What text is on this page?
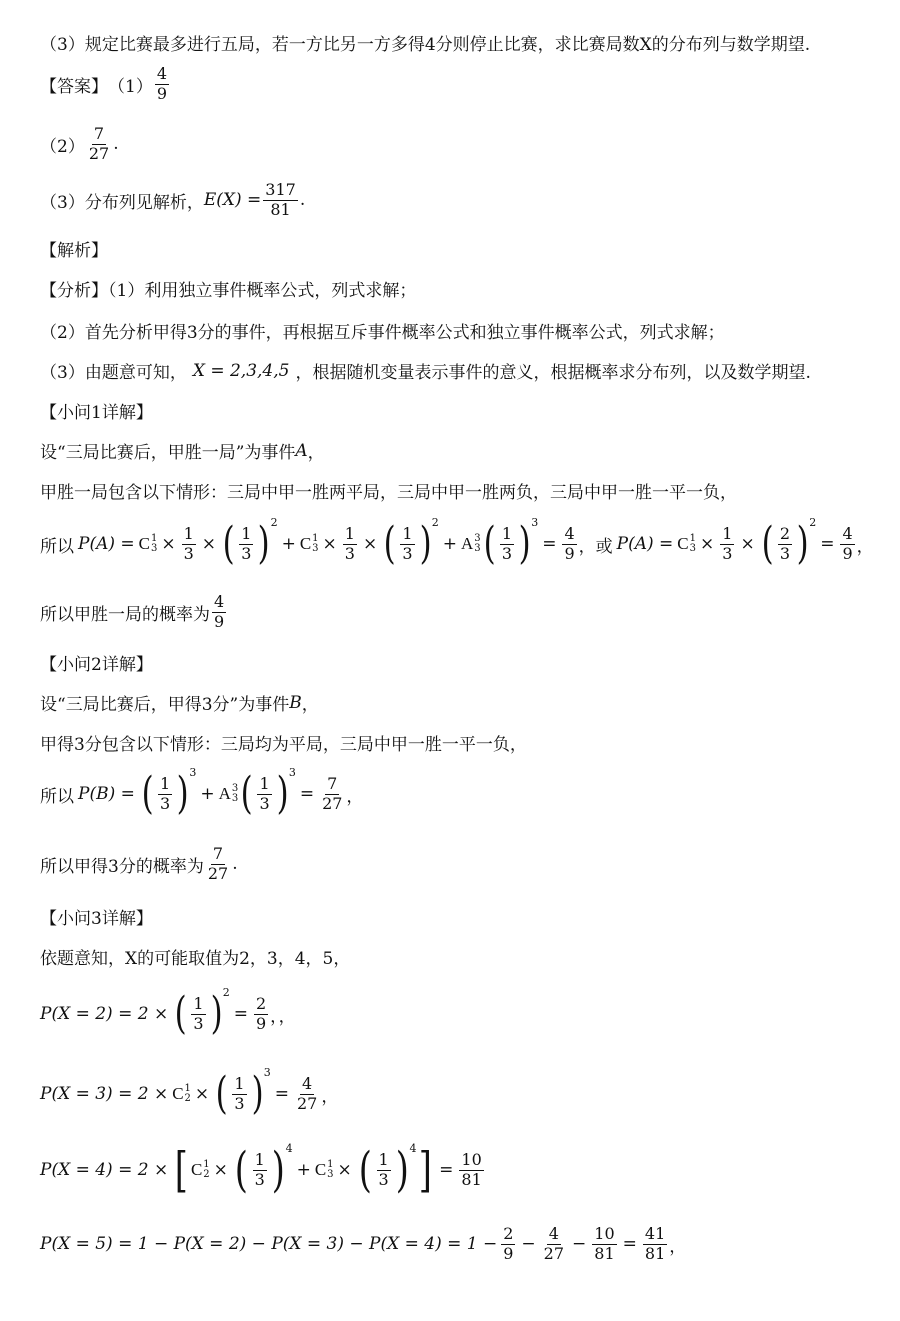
（3）规定比赛最多进行五局，若一方比另一方多得4分则停止比赛，求比赛局数X的分布列与数学期望.
【答案】 $(1) \frac{4}{9}$
$(2) \frac{7}{27}$ .
（3）分布列见解析， $E(X) = \frac{317}{81}$ .
【解析】
【分析】（1）利用独立事件概率公式，列式求解；
（2）首先分析甲得3分的事件，再根据互斥事件概率公式和独立事件概率公式，列式求解；
（3）由题意可知， X = 2,3,4,5 ，根据随机变量表示事件的意义，根据概率求分布列，以及数学期望.
【小问1详解】
设“三局比赛后，甲胜一局”为事件 A ，
甲胜一局包含以下情形：三局中甲一胜两平局，三局中甲一胜两负，三局中甲一胜一平一负，
所以 P(A) = C 1
$3 \times \frac{1}{3}$ × ( $\frac{1}{3}$ ) 2
+ C 1
$3 \times \frac{1}{3}$ × ( $\frac{1}{3}$ ) 2
+ A 3
3 ( $\frac{1}{3}$ ) 3
= $\frac{4}{9}$ ，或 P(A) = C 1
$3 \times \frac{1}{3}$ × ( $\frac{2}{3}$ ) 2
= $\frac{4}{9}$ ，
所以甲胜一局的概率为 $\frac{4}{9}$
【小问2详解】
设“三局比赛后，甲得3分”为事件 B ，
甲得3分包含以下情形：三局均为平局，三局中甲一胜一平一负，
所以 P(B) = ( $\frac{1}{3}$ ) 3
+ A 3
3 ( $\frac{1}{3}$ ) 3
= $\frac{7}{27}$ ，
所以甲得3分的概率为 $\frac{7}{27}$ .
【小问3详解】
依题意知，X的可能取值为2，3，4，5，
P(X = 2) = 2 × ( $\frac{1}{3}$ ) 2
= $\frac{2}{9}$ ，，
P(X = 3) = 2 × C 1
2 × ( $\frac{1}{3}$ ) 3
= $\frac{4}{27}$ ，
P(X = 4) = 2 × [ C 1
2 × ( $\frac{1}{3}$ ) 4
+ C 1
3 × ( $\frac{1}{3}$ ) 4 ] = $\frac{10}{81}$
$P(X = 5) = 1 - P(X = 2) - P(X = 3) - P(X = 4) = 1 - \frac{2}{9} - \frac{4}{27} - \frac{10}{81} = \frac{41}{81}$ ，
